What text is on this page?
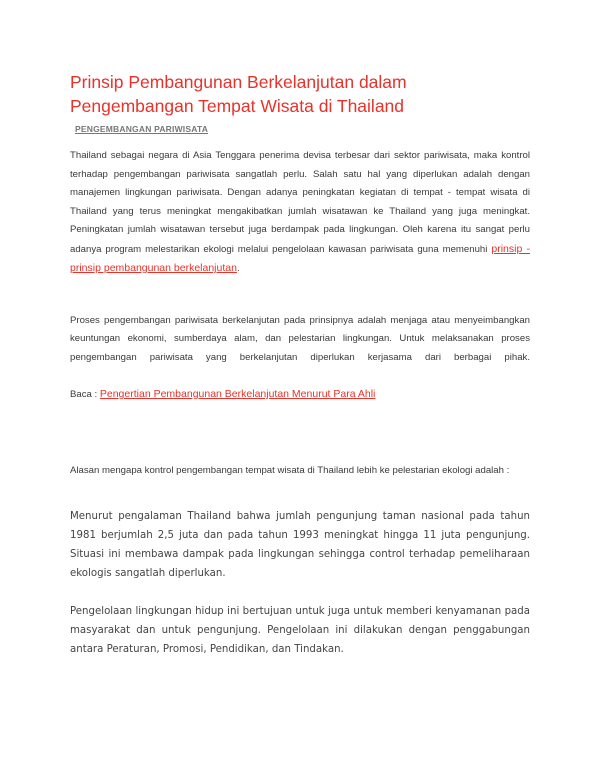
Prinsip Pembangunan Berkelanjutan dalam Pengembangan Tempat Wisata di Thailand
PENGEMBANGAN PARIWISATA

Thailand sebagai negara di Asia Tenggara penerima devisa terbesar dari sektor pariwisata, maka kontrol terhadap pengembangan pariwisata sangatlah perlu. Salah satu hal yang diperlukan adalah dengan manajemen lingkungan pariwisata. Dengan adanya peningkatan kegiatan di tempat - tempat wisata di Thailand yang terus meningkat mengakibatkan jumlah wisatawan ke Thailand yang juga meningkat. Peningkatan jumlah wisatawan tersebut juga berdampak pada lingkungan. Oleh karena itu sangat perlu adanya program melestarikan ekologi melalui pengelolaan kawasan pariwisata guna memenuhi prinsip - prinsip pembangunan berkelanjutan.

Proses pengembangan pariwisata berkelanjutan pada prinsipnya adalah menjaga atau menyeimbangkan keuntungan ekonomi, sumberdaya alam, dan pelestarian lingkungan. Untuk melaksanakan proses pengembangan pariwisata yang berkelanjutan diperlukan kerjasama dari berbagai pihak.

Baca : Pengertian Pembangunan Berkelanjutan Menurut Para Ahli

Alasan mengapa kontrol pengembangan tempat wisata di Thailand lebih ke pelestarian ekologi adalah :

Menurut pengalaman Thailand bahwa jumlah pengunjung taman nasional pada tahun 1981 berjumlah 2,5 juta dan pada tahun 1993 meningkat hingga 11 juta pengunjung. Situasi ini membawa dampak pada lingkungan sehingga control terhadap pemeliharaan ekologis sangatlah diperlukan.

Pengelolaan lingkungan hidup ini bertujuan untuk juga untuk memberi kenyamanan pada masyarakat dan untuk pengunjung. Pengelolaan ini dilakukan dengan penggabungan antara Peraturan, Promosi, Pendidikan, dan Tindakan.
